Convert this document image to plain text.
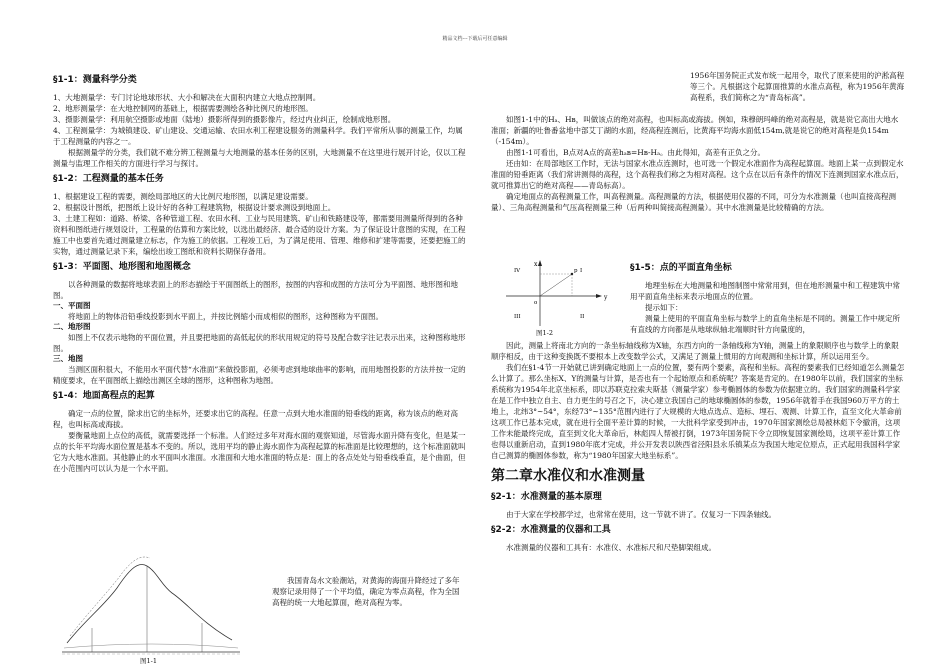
精品文档---下载后可任意编辑
§1-1：测量科学分类

1、大地测量学：专门讨论地球形状、大小和解决在大面积内建立大地点控制网。

2、地形测量学：在大地控制网的基础上，根据需要测绘各种比例尺的地形图。

3、摄影测量学：利用航空摄影或地面（陆地）摄影所得到的摄影像片，经过内业纠正，绘制成地形图。

4、工程测量学：为城镇建设、矿山建设、交通运输、农田水利工程建设服务的测量科学。我们平常所从事的测量工作，均属于工程测量的内容之一。

根据测量学的分类，我们就不难分辨工程测量与大地测量的基本任务的区别，大地测量不在这里进行展开讨论，仅以工程测量与监理工作相关的方面进行学习与探讨。

§1-2：工程测量的基本任务

1、根据建设工程的需要，测绘局部地区的大比例尺地形图，以满足建设需要。

2、根据设计图纸，把图纸上设计好的各种工程建筑物，根据设计要求测设到地面上。

3、土建工程如：道路、桥梁、各种管道工程、农田水利、工业与民用建筑、矿山和铁路建设等，都需要用测量所得到的各种资料和图纸进行规划设计，工程量的估算和方案比较，以选出最经济、最合适的设计方案。为了保证设计意图的实现，在工程施工中也要首先通过测量建立标志，作为施工的依据。工程竣工后，为了满足使用、管理、维修和扩建等需要，还要把施工的实物，通过测量记录下来，编绘出竣工图纸和资料长期保存备用。

§1-3：平面图、地形图和地图概念

以各种测量的数据将地球表面上的形态描绘于平面图纸上的图形，按图的内容和成图的方法可分为平面图、地形图和地图。

一、平面图

将地面上的物体沿铅垂线投影到水平面上，并按比例缩小而成相似的图形，这种图称为平面图。

二、地形图

如图上不仅表示地物的平面位置，并且要把地面的高低起伏的形状用规定的符号及配合数字注记表示出来，这种图称地形图。

三、地图

当测区面积很大，不能用水平面代替“水准面”来做投影面，必须考虑到地球曲率的影响，而用地图投影的方法并按一定的精度要求，在平面图纸上描绘出测区全球的图形，这种图称为地图。

§1-4：地面高程点的起算

确定一点的位置，除求出它的坐标外，还要求出它的高程。任意一点到大地水准面的铅垂线的距离，称为该点的绝对高程，也叫标高或海拔。

要衡量地面上点位的高低，就需要选择一个标准。人们经过多年对海水面的观察知道，尽管海水面升降有变化，但是某一点的长年平均海水面位置是基本不变的。所以，选用平均的静止海水面作为高程起算的标准面是比较理想的，这个标准面就叫它为大地水准面。其他静止的水平面叫水准面。水准面和大地水准面的特点是：面上的各点处处与铅垂线垂直，是个曲面，但在小范围内可以认为是一个水平面。

图1-1

我国青岛水文验潮站，对黄海的海面升降经过了多年观察记录用得了一个平均值，确定为零点高程，作为全国高程的统一大地起算面，绝对高程为零。

1956年国务院正式发布统一起用令，取代了原来使用的沪淞高程等三个。凡根据这个起算面推算的水准点高程，称为1956年黄海高程系，我们简称之为“青岛标高”。

如图1-1中的Hₐ、Hʙ，叫做该点的绝对高程，也叫标高或海拔。例如，珠穆朗玛峰的绝对高程是，就是说它高出大地水准面；新疆的吐鲁番盆地中部艾丁湖的水面，经高程连测后，比黄海平均海水面低154m,就是说它的绝对高程是负154m（-154m）。

由图1-1可看出，B点对A点的高差hₐʙ=Hʙ-Hₐ。由此得知，高差有正负之分。

还由如：在局部地区工作时，无法与国家水准点连测时，也可选一个假定水准面作为高程起算面。地面上某一点到假定水准面的铅垂距离（我们常讲测得的高程，这个高程我们称之为相对高程。这个点在以后有条件的情况下连测到国家水准点后，就可推算出它的绝对高程——青岛标高）。

确定地面点的高程测量工作，叫高程测量。高程测量的方法，根据使用仪器的不同，可分为水准测量（也叫直接高程测量）、三角高程测量和气压高程测量三种（后两种叫简接高程测量）。其中水准测量是比较精确的方法。

x
y
I
II
III
IV
o
p
图1-2
§1-5：点的平面直角坐标

地理坐标在大地测量和地图制图中常常用到，但在地形测量中和工程建筑中常用平面直角坐标来表示地面点的位置。

提示如下：

测量上使用的平面直角坐标与数学上的直角坐标是不同的。测量工作中规定所有直线的方向都是从地球纵轴北端顺时针方向量度的，

因此，测量上将南北方向的一条坐标轴线称为X轴，东西方向的一条轴线称为Y轴，测量上的象限顺序也与数学上的象限顺序相反，由于这种变换既不要根本上改变数学公式，又满足了测量上惯用的方向观测和坐标计算，所以运用至今。

我们在§1-4节一开始就已讲到确定地面上一点的位置，要有两个要素，高程和坐标。高程的要素我们已经知道怎么测量怎么计算了。那么坐标X、Y的测量与计算，是否也有一个起始原点和系统呢？答案是肯定的。在1980年以前，我们国家的坐标系统称为1954年北京坐标系，即以苏联克拉索夫斯基（测量学家）参考椭圆体的参数为依据建立的。我们国家的测量科学家在是工作中独立自主、自力更生的号召之下，决心建立我国自己的地球椭圆体的参数，1956年就着手在我国960万平方的土地上，北纬3°~54°，东经73°~135°范围内进行了大规模的大地点选点、造标、埋石、观测、计算工作，直至文化大革命前这项工作已基本完成，就在进行全面平差计算的时候，一大批科学家受到冲击，1970年国家测绘总局被林彪下令撤消，这项工作未能最终完成，直至到文化大革命后，林彪四人帮被打倒，1973年国务院下令立即恢复国家测绘局，这项平差计算工作也得以重新启动，直到1980年底才完成，并公开发表以陕西省泾阳县永乐镇某点为我国大地定位原点，正式起用我国科学家自己测算的椭圆体参数，称为“1980年国家大地坐标系”。

第二章水准仪和水准测量
§2-1：水准测量的基本原理

由于大家在学校都学过，也常常在使用，这一节就不讲了。仅复习一下四条轴线。

§2-2：水准测量的仪器和工具

水准测量的仪器和工具有：水准仪、水准标尺和尺垫脚架组成。
